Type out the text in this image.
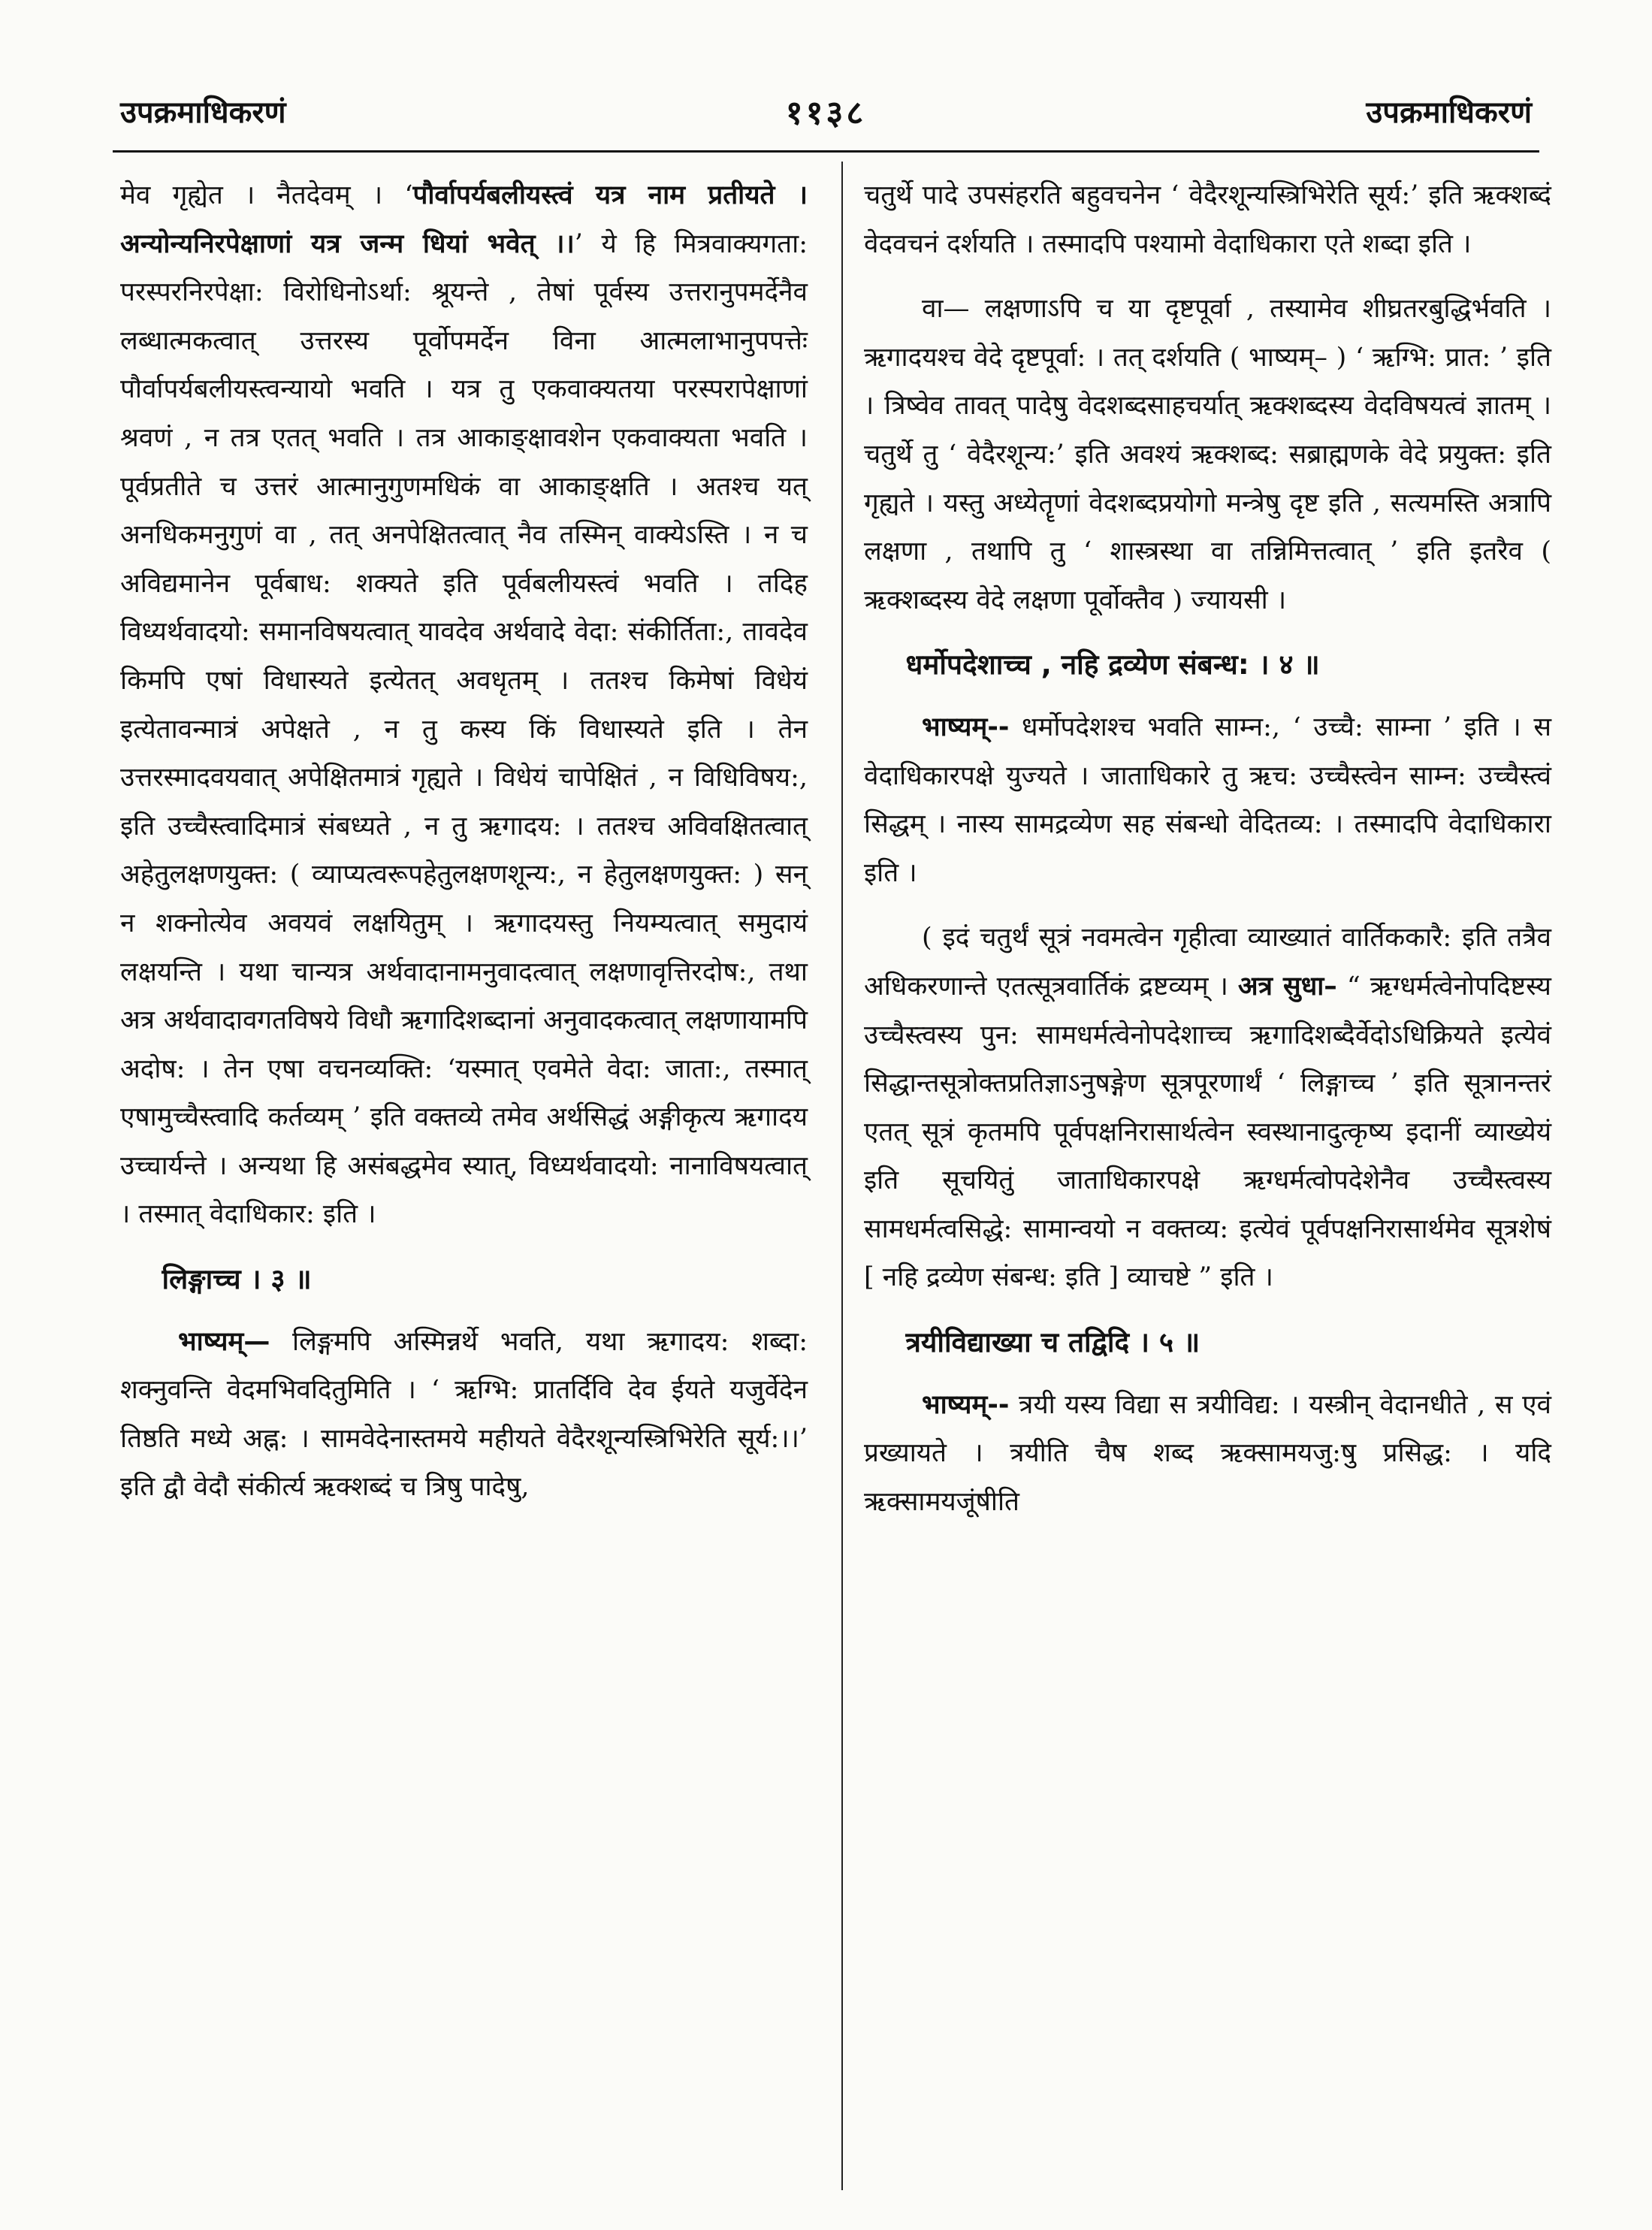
उपक्रमाधिकरणं	११३८	उपक्रमाधिकरणं

मेव गृह्येत । नैतदेवम् । ‘पौर्वापर्यबलीयस्त्वं यत्र नाम प्रतीयते । अन्योन्यनिरपेक्षाणां यत्र जन्म धियां भवेत् ।।’ ये हि मित्रवाक्यगता: परस्परनिरपेक्षा: विरोधिनोऽर्था: श्रूयन्ते , तेषां पूर्वस्य उत्तरानुपमर्देनैव लब्धात्मकत्वात् उत्तरस्य पूर्वोपमर्देन विना आत्मलाभानुपपत्तेः पौर्वापर्यबलीयस्त्वन्यायो भवति । यत्र तु एकवाक्यतया परस्परापेक्षाणां श्रवणं , न तत्र एतत् भवति । तत्र आकाङ्क्षावशेन एकवाक्यता भवति । पूर्वप्रतीते च उत्तरं आत्मानुगुणमधिकं वा आकाङ्क्षति । अतश्च यत् अनधिकमनुगुणं वा , तत् अनपेक्षितत्वात् नैव तस्मिन् वाक्येऽस्ति । न च अविद्यमानेन पूर्वबाध: शक्यते इति पूर्वबलीयस्त्वं भवति । तदिह विध्यर्थवादयो: समानविषयत्वात् यावदेव अर्थवादे वेदा: संकीर्तिता:, तावदेव किमपि एषां विधास्यते इत्येतत् अवधृतम् । ततश्च किमेषां विधेयं इत्येतावन्मात्रं अपेक्षते , न तु कस्य किं विधास्यते इति । तेन उत्तरस्मादवयवात् अपेक्षितमात्रं गृह्यते । विधेयं चापेक्षितं , न विधिविषय:, इति उच्चैस्त्वादिमात्रं संबध्यते , न तु ऋगादय: । ततश्च अविवक्षितत्वात् अहेतुलक्षणयुक्त: ( व्याप्यत्वरूपहेतुलक्षणशून्य:, न हेतुलक्षणयुक्त: ) सन् न शक्नोत्येव अवयवं लक्षयितुम् । ऋगादयस्तु नियम्यत्वात् समुदायं लक्षयन्ति । यथा चान्यत्र अर्थवादानामनुवादत्वात् लक्षणावृत्तिरदोष:, तथा अत्र अर्थवादावगतविषये विधौ ऋगादिशब्दानां अनुवादकत्वात् लक्षणायामपि अदोष: । तेन एषा वचनव्यक्ति: ‘यस्मात् एवमेते वेदा: जाता:, तस्मात् एषामुच्चैस्त्वादि कर्तव्यम् ’ इति वक्तव्ये तमेव अर्थसिद्धं अङ्गीकृत्य ऋगादय उच्चार्यन्ते । अन्यथा हि असंबद्धमेव स्यात्, विध्यर्थवादयो: नानाविषयत्वात् । तस्मात् वेदाधिकार: इति ।

लिङ्गाच्च । ३ ॥

भाष्यम्— लिङ्गमपि अस्मिन्नर्थे भवति, यथा ऋगादय: शब्दा: शक्नुवन्ति वेदमभिवदितुमिति । ‘ ऋग्भि: प्रातर्दिवि देव ईयते यजुर्वेदेन तिष्ठति मध्ये अह्न: । सामवेदेनास्तमये महीयते वेदैरशून्यस्त्रिभिरेति सूर्य:।।’ इति द्वौ वेदौ संकीर्त्य ऋक्शब्दं च त्रिषु पादेषु,

चतुर्थे पादे उपसंहरति बहुवचनेन ‘ वेदैरशून्यस्त्रिभिरेति सूर्य:’ इति ऋक्शब्दं वेदवचनं दर्शयति । तस्मादपि पश्यामो वेदाधिकारा एते शब्दा इति ।

वा— लक्षणाऽपि च या दृष्टपूर्वा , तस्यामेव शीघ्रतरबुद्धिर्भवति । ऋगादयश्च वेदे दृष्टपूर्वा: । तत् दर्शयति ( भाष्यम्– ) ‘ ऋग्भि: प्रात: ’ इति । त्रिष्वेव तावत् पादेषु वेदशब्दसाहचर्यात् ऋक्शब्दस्य वेदविषयत्वं ज्ञातम् । चतुर्थे तु ‘ वेदैरशून्य:’ इति अवश्यं ऋक्शब्द: सब्राह्मणके वेदे प्रयुक्त: इति गृह्यते । यस्तु अध्येतॄणां वेदशब्दप्रयोगो मन्त्रेषु दृष्ट इति , सत्यमस्ति अत्रापि लक्षणा , तथापि तु ‘ शास्त्रस्था वा तन्निमित्तत्वात् ’ इति इतरैव ( ऋक्शब्दस्य वेदे लक्षणा पूर्वोक्तैव ) ज्यायसी ।

धर्मोपदेशाच्च , नहि द्रव्येण संबन्ध: । ४ ॥

भाष्यम्-- धर्मोपदेशश्च भवति साम्न:, ‘ उच्चै: साम्ना ’ इति । स वेदाधिकारपक्षे युज्यते । जाताधिकारे तु ऋच: उच्चैस्त्वेन साम्न: उच्चैस्त्वं सिद्धम् । नास्य सामद्रव्येण सह संबन्धो वेदितव्य: । तस्मादपि वेदाधिकारा इति ।

( इदं चतुर्थं सूत्रं नवमत्वेन गृहीत्वा व्याख्यातं वार्तिककारै: इति तत्रैव अधिकरणान्ते एतत्सूत्रवार्तिकं द्रष्टव्यम् । अत्र सुधा– “ ऋग्धर्मत्वेनोपदिष्टस्य उच्चैस्त्वस्य पुन: सामधर्मत्वेनोपदेशाच्च ऋगादिशब्दैर्वेदोऽधिक्रियते इत्येवं सिद्धान्तसूत्रोक्तप्रतिज्ञाऽनुषङ्गेण सूत्रपूरणार्थं ‘ लिङ्गाच्च ’ इति सूत्रानन्तरं एतत् सूत्रं कृतमपि पूर्वपक्षनिरासार्थत्वेन स्वस्थानादुत्कृष्य इदानीं व्याख्येयं इति सूचयितुं जाताधिकारपक्षे ऋग्धर्मत्वोपदेशेनैव उच्चैस्त्वस्य सामधर्मत्वसिद्धे: सामान्वयो न वक्तव्य: इत्येवं पूर्वपक्षनिरासार्थमेव सूत्रशेषं [ नहि द्रव्येण संबन्ध: इति ] व्याचष्टे ” इति ।

त्रयीविद्याख्या च तद्विदि । ५ ॥

भाष्यम्-- त्रयी यस्य विद्या स त्रयीविद्य: । यस्त्रीन् वेदानधीते , स एवं प्रख्यायते । त्रयीति चैष शब्द ऋक्सामयजु:षु प्रसिद्ध: । यदि ऋक्सामयजूंषीति
